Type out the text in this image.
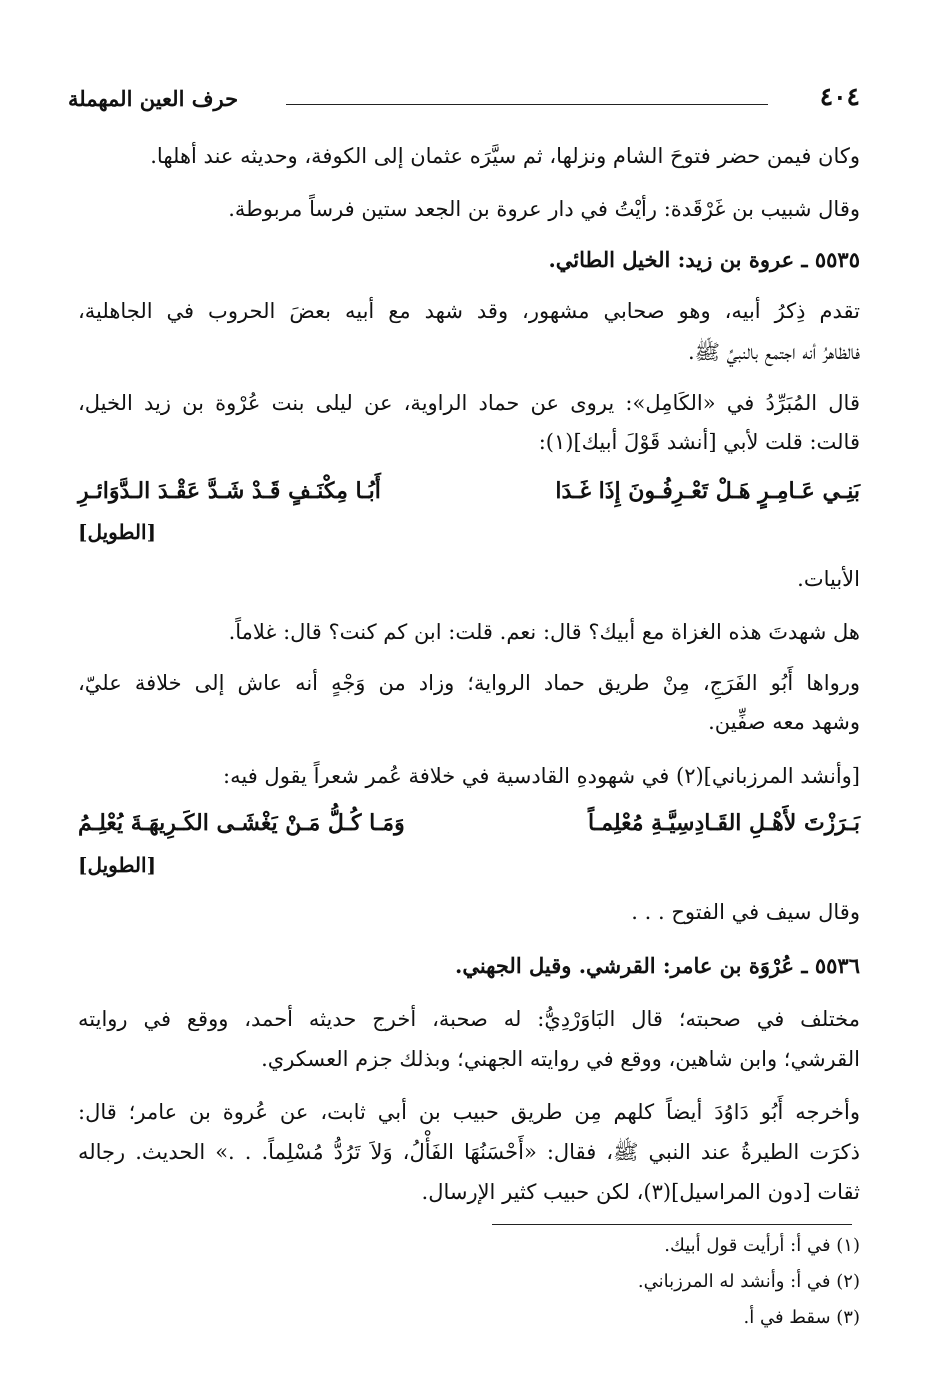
٤٠٤
حرف العين المهملة
وكان فيمن حضر فتوحَ الشام ونزلها، ثم سيَّرَه عثمان إلى الكوفة، وحديثه عند أهلها.
وقال شبيب بن غَرْقَدة: رأيْتُ في دار عروة بن الجعد ستين فرساً مربوطة.
٥٥٣٥ ـ عروة بن زيد: الخيل الطائي.
تقدم ذِكرُ أبيه، وهو صحابي مشهور، وقد شهد مع أبيه بعضَ الحروب في الجاهلية،
فالظاهرُ أنه اجتمع بالنبيِّ ﷺ.
قال المُبَرِّدُ في «الكَامِل»: يروى عن حماد الراوية، عن ليلى بنت عُرْوة بن زيد الخيل،
قالت: قلت لأبي [أنشد قَوْلَ أبيك](١):
بَنِـي عَـامِـرٍ هَـلْ تَعْـرِفُـونَ إِذَا غَـدَا
أَبُـا مِكْنَـفٍ قَـدْ شَـدَّ عَقْـدَ الـدَّوَائـرِ
[الطويل]
الأبيات.
هل شهدتَ هذه الغزاة مع أبيك؟ قال: نعم. قلت: ابن كم كنت؟ قال: غلاماً.
ورواها أَبُو الفَرَجِ، مِنْ طريق حماد الرواية؛ وزاد من وَجْهٍ أنه عاش إلى خلافة عليّ،
وشهد معه صفِّين.
[وأنشد المرزباني](٢) في شهودهِ القادسية في خلافة عُمر شعراً يقول فيه:
بَـرَزْتَ لأَهْـلِ القَـادِسِيَّـةِ مُعْلِمـاً
وَمَـا كُـلُّ مَـنْ يَغْشَـى الكَـرِيهَـةَ يُعْلِـمُ
[الطويل]
وقال سيف في الفتوح . . .
٥٥٣٦ ـ عُرْوَة بن عامر: القرشي. وقيل الجهني.
مختلف في صحبته؛ قال البَاوَرْدِيُّ: له صحبة، أخرج حديثه أحمد، ووقع في روايته
القرشي؛ وابن شاهين، ووقع في روايته الجهني؛ وبذلك جزم العسكري.
وأخرجه أَبُو دَاوُدَ أيضاً كلهم مِن طريق حبيب بن أبي ثابت، عن عُروة بن عامر؛ قال:
ذكرَت الطيرةُ عند النبي ﷺ، فقال: «أَحْسَنُهَا الفَأْلُ، وَلاَ تَرُدُّ مُسْلِماً. . .» الحديث. رجاله
ثقات [دون المراسيل](٣)، لكن حبيب كثير الإرسال.
(١) في أ: أرأيت قول أبيك.
(٢) في أ: وأنشد له المرزباني.
(٣) سقط في أ.
